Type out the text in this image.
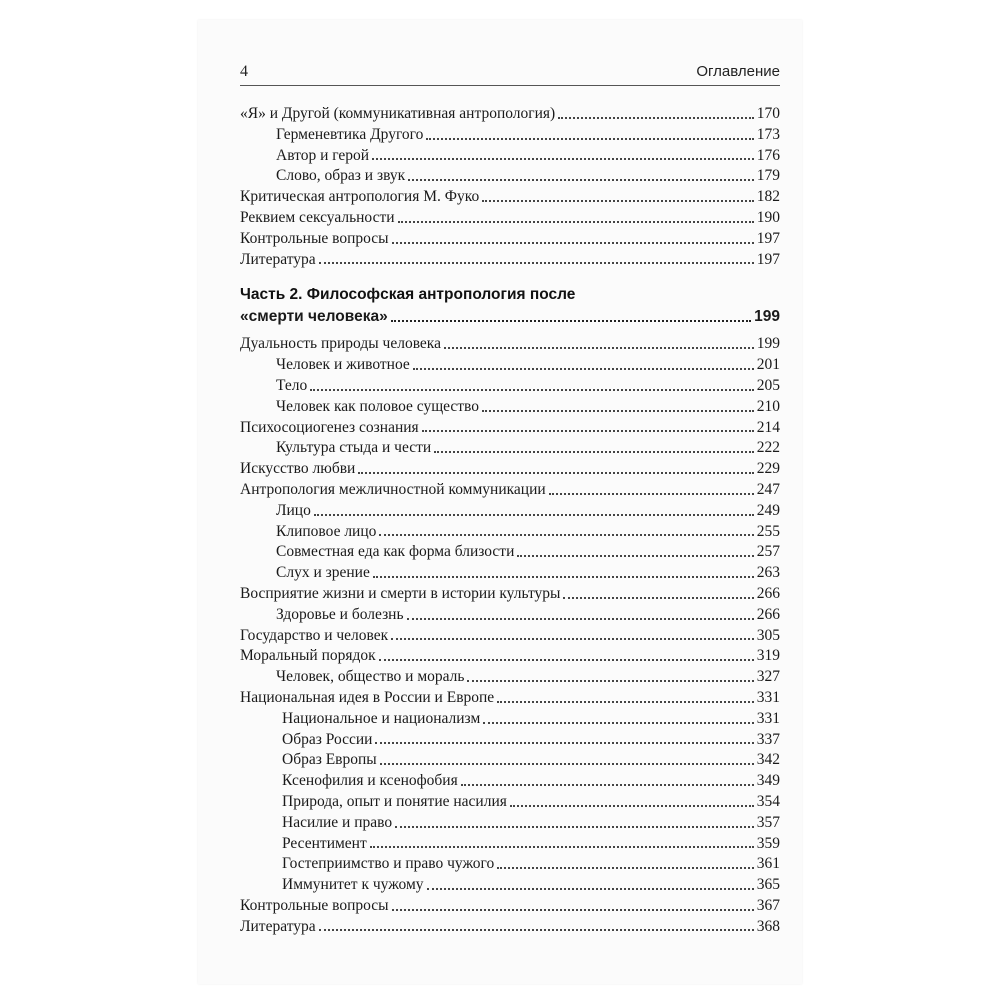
4	Оглавление
«Я» и Другой (коммуникативная антропология)	170
Герменевтика Другого	173
Автор и герой	176
Слово, образ и звук	179
Критическая антропология М. Фуко	182
Реквием сексуальности	190
Контрольные вопросы	197
Литература	197
Часть 2. Философская антропология после
«смерти человека»	199
Дуальность природы человека	199
Человек и животное	201
Тело	205
Человек как половое существо	210
Психосоциогенез сознания	214
Культура стыда и чести	222
Искусство любви	229
Антропология межличностной коммуникации	247
Лицо	249
Клиповое лицо	255
Совместная еда как форма близости	257
Слух и зрение	263
Восприятие жизни и смерти в истории культуры	266
Здоровье и болезнь	266
Государство и человек	305
Моральный порядок	319
Человек, общество и мораль	327
Национальная идея в России и Европе	331
Национальное и национализм	331
Образ России	337
Образ Европы	342
Ксенофилия и ксенофобия	349
Природа, опыт и понятие насилия	354
Насилие и право	357
Ресентимент	359
Гостеприимство и право чужого	361
Иммунитет к чужому	365
Контрольные вопросы	367
Литература	368
